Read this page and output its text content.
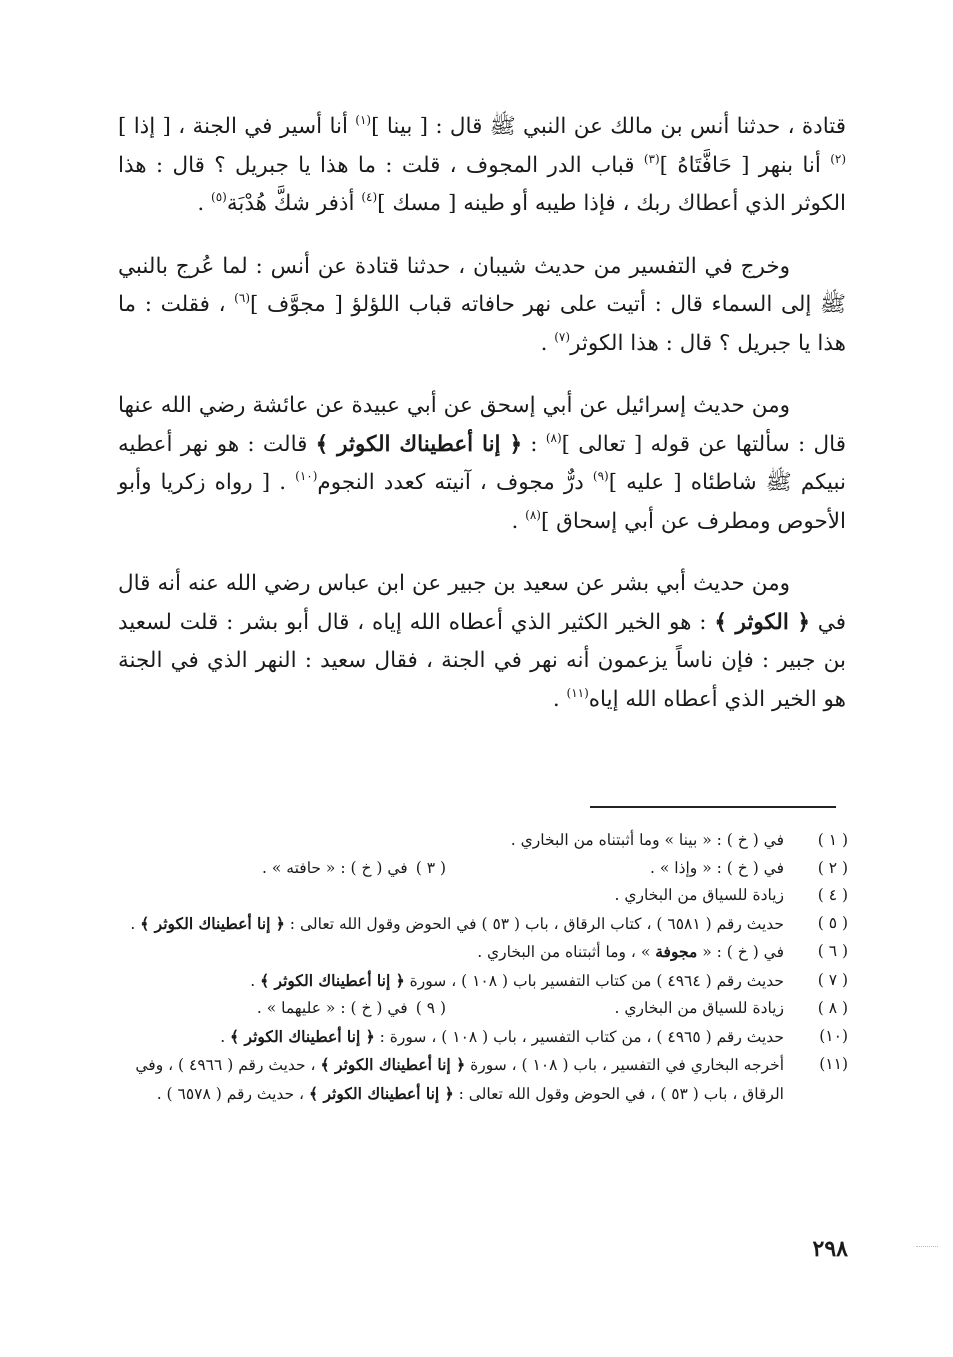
قتادة ، حدثنا أنس بن مالك عن النبي ﷺ قال : [ بينا ]$^{(١)}$ أنا أسير في الجنة ، [ إذا ]$^{(٢)}$ أنا بنهر [ حَافَّتَاهُ ]$^{(٣)}$ قباب الدر المجوف ، قلت : ما هذا يا جبريل ؟ قال : هذا الكوثر الذي أعطاك ربك ، فإذا طيبه أو طينه [ مسك ]$^{(٤)}$ أذفر شكَّ هُدْبَة$^{(٥)}$ .

وخرج في التفسير من حديث شيبان ، حدثنا قتادة عن أنس : لما عُرج بالنبي ﷺ إلى السماء قال : أتيت على نهر حافاته قباب اللؤلؤ [ مجوَّف ]$^{(٦)}$ ، فقلت : ما هذا يا جبريل ؟ قال : هذا الكوثر$^{(٧)}$ .

ومن حديث إسرائيل عن أبي إسحق عن أبي عبيدة عن عائشة رضي الله عنها قال : سألتها عن قوله [ تعالى ]$^{(٨)}$ : ﴿ إنا أعطيناك الكوثر ﴾ قالت : هو نهر أعطيه نبيكم ﷺ شاطئاه [ عليه ]$^{(٩)}$ درٌّ مجوف ، آنيته كعدد النجوم$^{(١٠)}$ . [ رواه زكريا وأبو الأحوص ومطرف عن أبي إسحاق ]$^{(٨)}$ .

ومن حديث أبي بشر عن سعيد بن جبير عن ابن عباس رضي الله عنه أنه قال في ﴿ الكوثر ﴾ : هو الخير الكثير الذي أعطاه الله إياه ، قال أبو بشر : قلت لسعيد بن جبير : فإن ناساً يزعمون أنه نهر في الجنة ، فقال سعيد : النهر الذي في الجنة هو الخير الذي أعطاه الله إياه$^{(١١)}$ .

( ١ )
في ( خ ) : « بينا » وما أثبتناه من البخاري .
( ٢ )
في ( خ ) : « وإذا » .
( ٣ )في ( خ ) : « حافته » .
( ٤ )
زيادة للسياق من البخاري .
( ٥ )
حديث رقم ( ٦٥٨١ ) ، كتاب الرقاق ، باب ( ٥٣ ) في الحوض وقول الله تعالى : ﴿ إنا أعطيناك الكوثر ﴾ .
( ٦ )
في ( خ ) : « مجوفة » ، وما أثبتناه من البخاري .
( ٧ )
حديث رقم ( ٤٩٦٤ ) من كتاب التفسير باب ( ١٠٨ ) ، سورة ﴿ إنا أعطيناك الكوثر ﴾ .
( ٨ )
زيادة للسياق من البخاري .
( ٩ )في ( خ ) : « عليهما » .
(١٠)
حديث رقم ( ٤٩٦٥ ) ، من كتاب التفسير ، باب ( ١٠٨ ) ، سورة : ﴿ إنا أعطيناك الكوثر ﴾ .
(١١)
أخرجه البخاري في التفسير ، باب ( ١٠٨ ) ، سورة ﴿ إنا أعطيناك الكوثر ﴾ ، حديث رقم ( ٤٩٦٦ ) ، وفي الرقاق ، باب ( ٥٣ ) ، في الحوض وقول الله تعالى : ﴿ إنا أعطيناك الكوثر ﴾ ، حديث رقم ( ٦٥٧٨ ) .
٢٩٨
